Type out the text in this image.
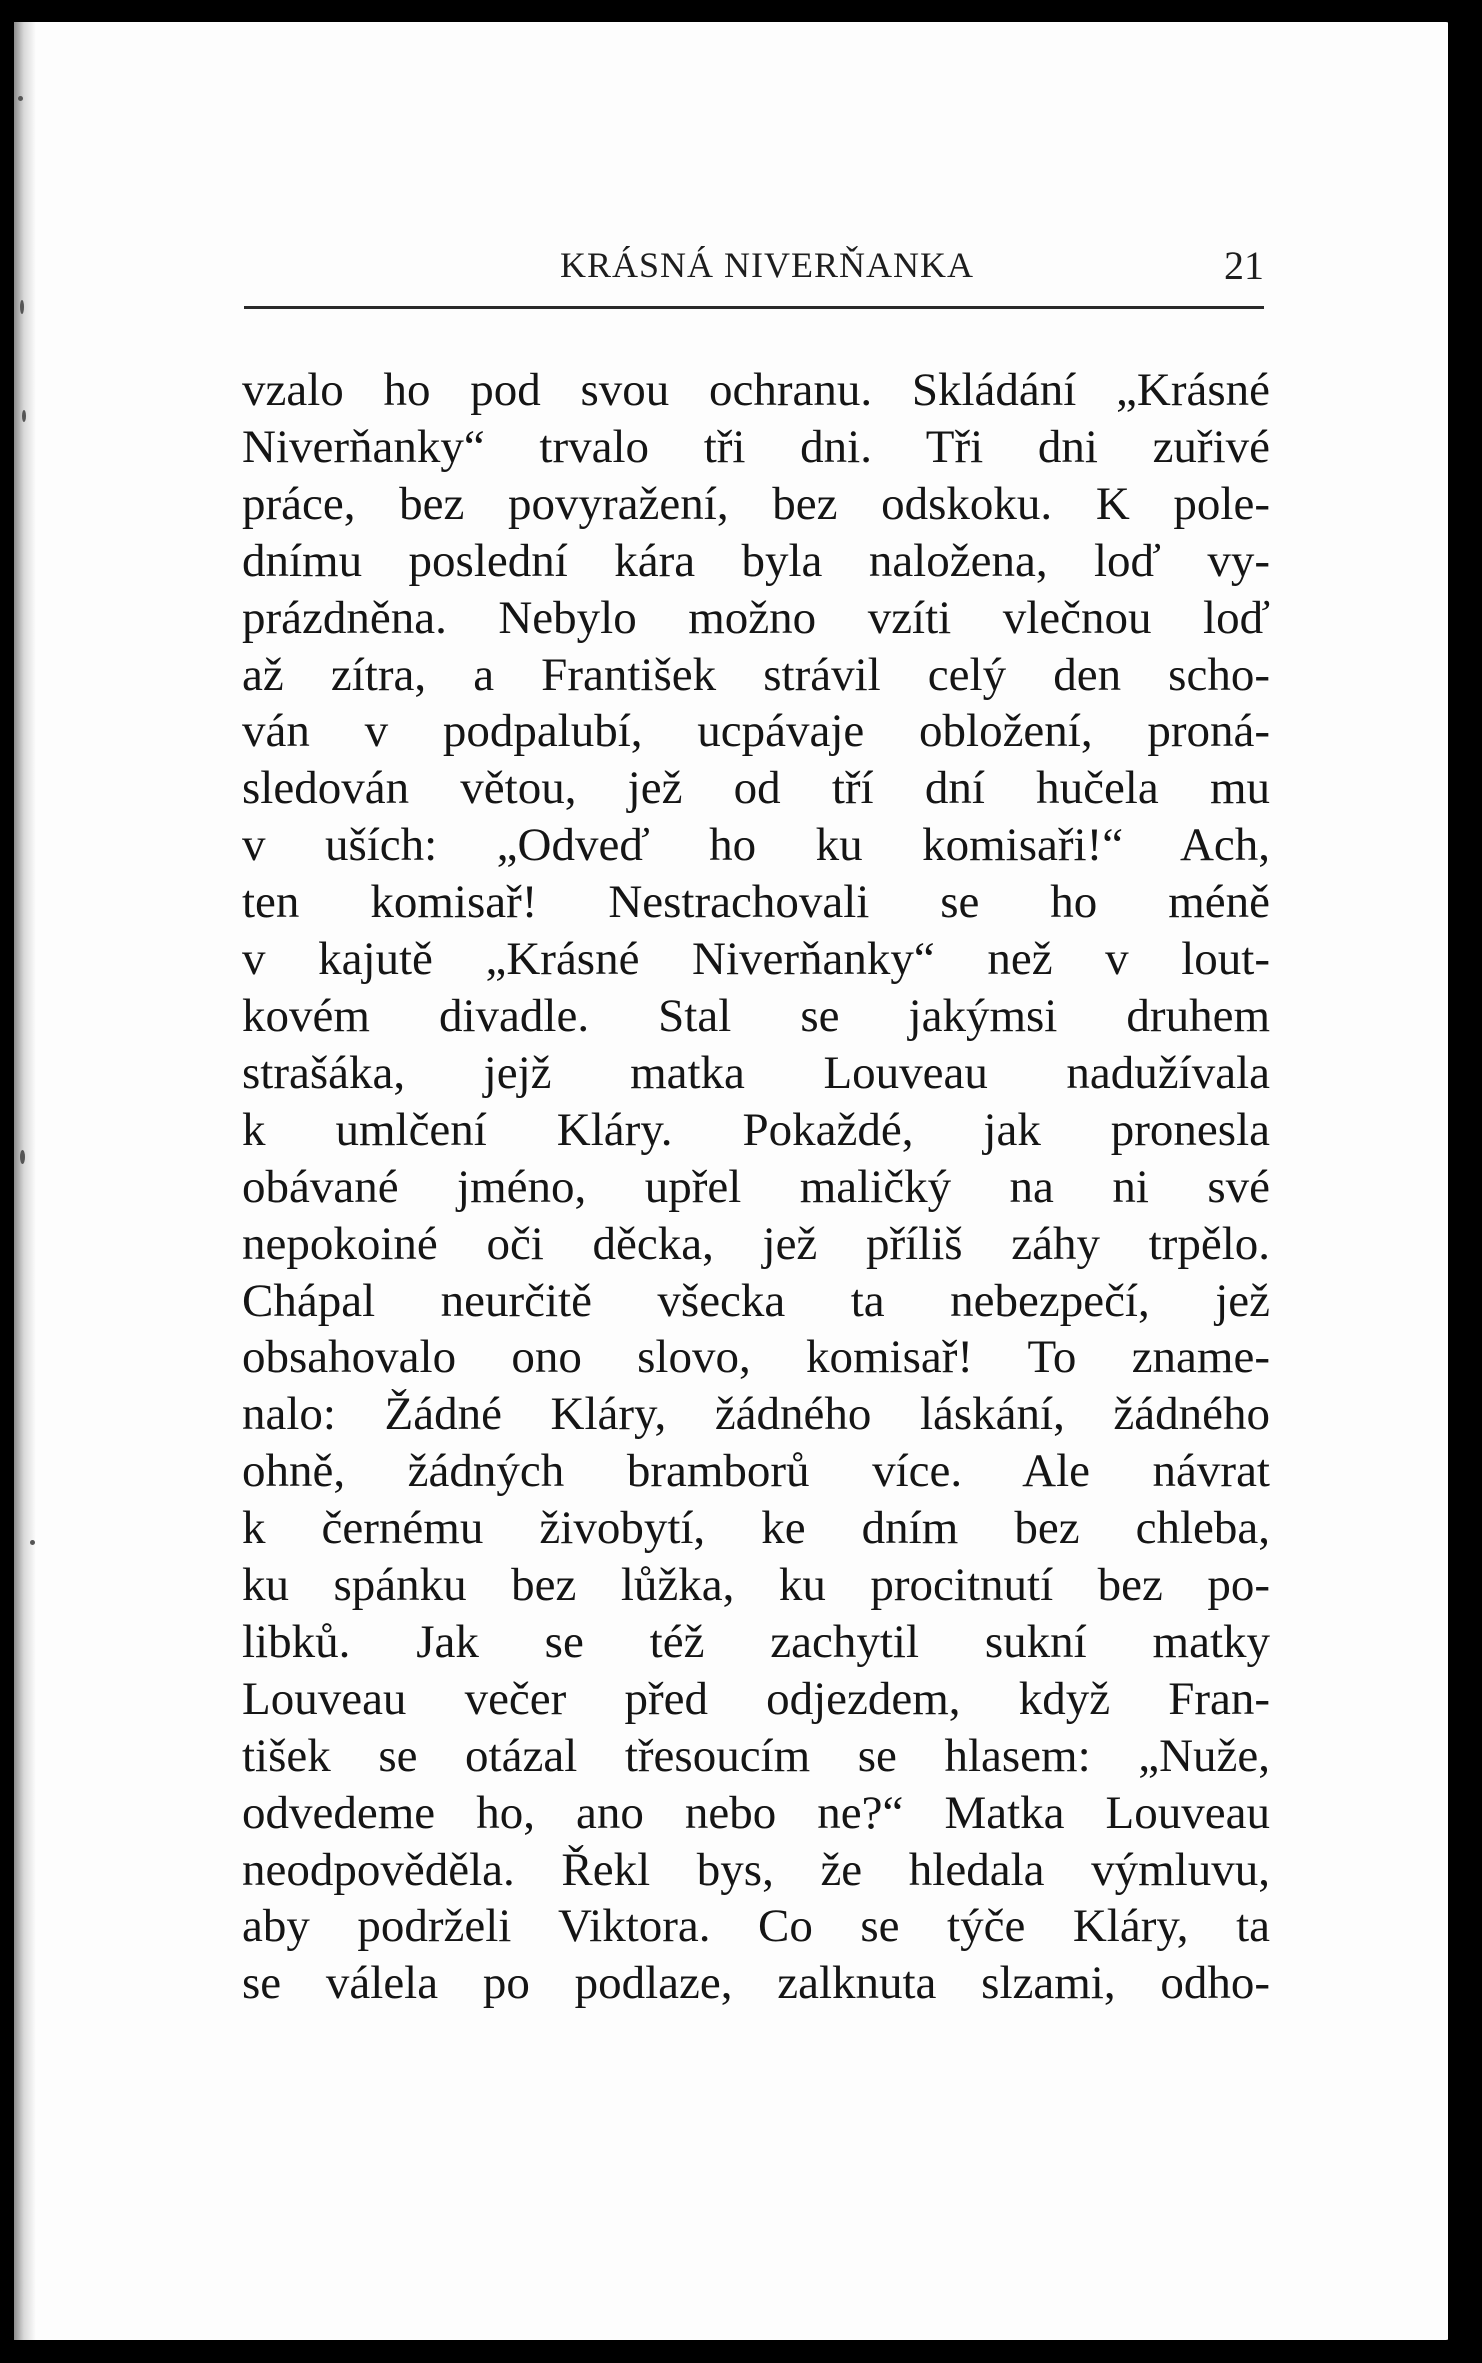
KRÁSNÁ NIVERŇANKA	21
vzalo ho pod svou ochranu. Skládání „Krásné
Niverňanky“ trvalo tři dni. Tři dni zuřivé
práce, bez povyražení, bez odskoku. K pole-
dnímu poslední kára byla naložena, loď vy-
prázdněna. Nebylo možno vzíti vlečnou loď
až zítra, a František strávil celý den scho-
ván v podpalubí, ucpávaje obložení, proná-
sledován větou, jež od tří dní hučela mu
v uších: „Odveď ho ku komisaři!“ Ach,
ten komisař! Nestrachovali se ho méně
v kajutě „Krásné Niverňanky“ než v lout-
kovém divadle. Stal se jakýmsi druhem
strašáka, jejž matka Louveau nadužívala
k umlčení Kláry. Pokaždé, jak pronesla
obávané jméno, upřel maličký na ni své
nepokoiné oči děcka, jež příliš záhy trpělo.
Chápal neurčitě všecka ta nebezpečí, jež
obsahovalo ono slovo, komisař! To zname-
nalo: Žádné Kláry, žádného láskání, žádného
ohně, žádných bramborů více. Ale návrat
k černému živobytí, ke dním bez chleba,
ku spánku bez lůžka, ku procitnutí bez po-
libků. Jak se též zachytil sukní matky
Louveau večer před odjezdem, když Fran-
tišek se otázal třesoucím se hlasem: „Nuže,
odvedeme ho, ano nebo ne?“ Matka Louveau
neodpověděla. Řekl bys, že hledala výmluvu,
aby podrželi Viktora. Co se týče Kláry, ta
se válela po podlaze, zalknuta slzami, odho-
